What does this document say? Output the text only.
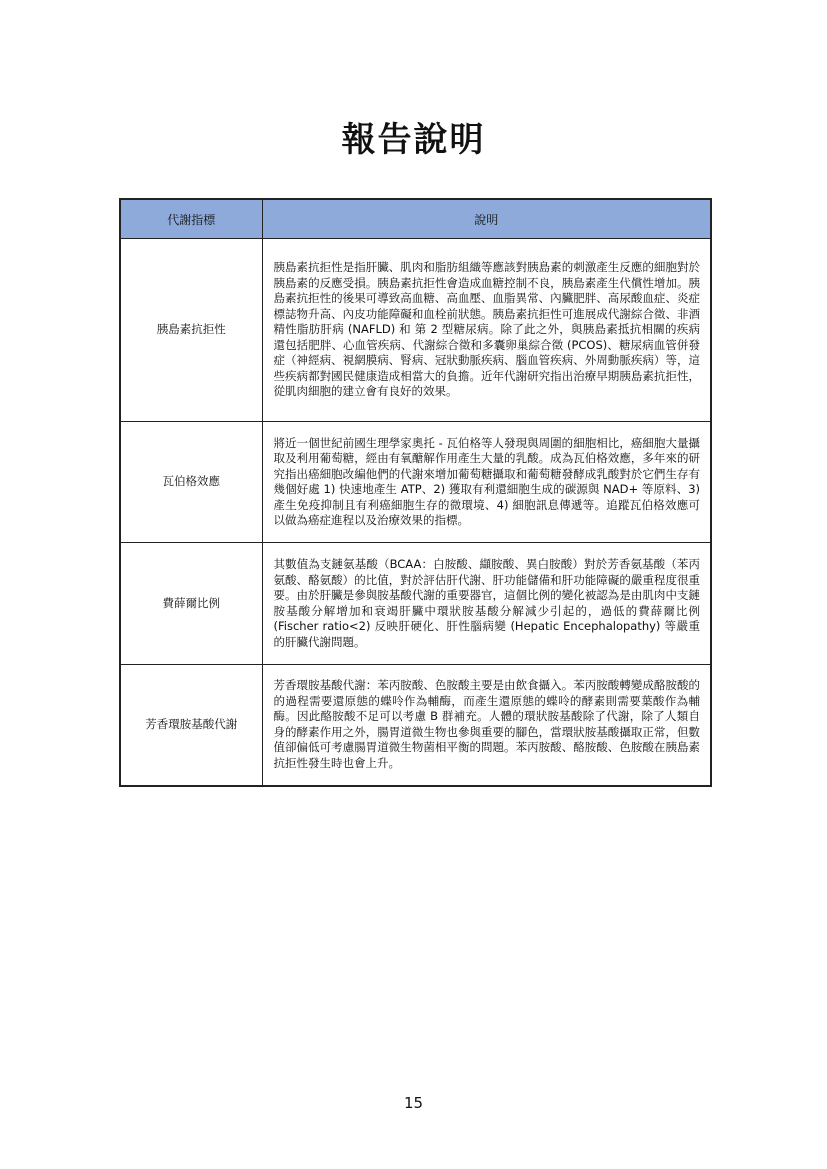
報告說明
代謝指標	說明
胰島素抗拒性	胰島素抗拒性是指肝臟、肌肉和脂肪組織等應該對胰島素的刺激產生反應的細胞對於胰島素的反應受損。胰島素抗拒性會造成血糖控制不良，胰島素產生代償性增加。胰島素抗拒性的後果可導致高血糖、高血壓、血脂異常、內臟肥胖、高尿酸血症、炎症標誌物升高、內皮功能障礙和血栓前狀態。胰島素抗拒性可進展成代謝綜合徵、非酒精性脂肪肝病 (NAFLD) 和 第 2 型糖尿病。除了此之外，與胰島素抵抗相關的疾病還包括肥胖、心血管疾病、代謝綜合徵和多囊卵巢綜合徵 (PCOS)、糖尿病血管併發症（神經病、視網膜病、腎病、冠狀動脈疾病、腦血管疾病、外周動脈疾病）等，這些疾病都對國民健康造成相當大的負擔。近年代謝研究指出治療早期胰島素抗拒性，從肌肉細胞的建立會有良好的效果。
瓦伯格效應	將近一個世紀前國生理學家奧托 - 瓦伯格等人發現與周圍的細胞相比，癌細胞大量攝取及利用葡萄糖，經由有氧醣解作用產生大量的乳酸。成為瓦伯格效應，多年來的研究指出癌細胞改編他們的代謝來增加葡萄糖攝取和葡萄糖發酵成乳酸對於它們生存有幾個好處 1) 快速地產生 ATP、2) 獲取有利還細胞生成的碳源與 NAD+ 等原料、3) 產生免疫抑制且有利癌細胞生存的微環境、4) 細胞訊息傳遞等。追蹤瓦伯格效應可以做為癌症進程以及治療效果的指標。
費薛爾比例	其數值為支鏈氨基酸（BCAA：白胺酸、纈胺酸、異白胺酸）對於芳香氨基酸（苯丙氨酸、酪氨酸）的比值，對於評估肝代謝、肝功能儲備和肝功能障礙的嚴重程度很重要。由於肝臟是參與胺基酸代謝的重要器官，這個比例的變化被認為是由肌肉中支鏈胺基酸分解增加和衰竭肝臟中環狀胺基酸分解減少引起的，過低的費薛爾比例 (Fischer ratio<2) 反映肝硬化、肝性腦病變 (Hepatic Encephalopathy) 等嚴重的肝臟代謝問題。
芳香環胺基酸代謝	芳香環胺基酸代謝：苯丙胺酸、色胺酸主要是由飲食攝入。苯丙胺酸轉變成酪胺酸的的過程需要還原態的蝶呤作為輔酶，而產生還原態的蝶呤的酵素則需要葉酸作為輔酶。因此酪胺酸不足可以考慮 B 群補充。人體的環狀胺基酸除了代謝，除了人類自身的酵素作用之外，腸胃道微生物也參與重要的腳色，當環狀胺基酸攝取正常，但數值卻偏低可考慮腸胃道微生物菌相平衡的問題。苯丙胺酸、酪胺酸、色胺酸在胰島素抗拒性發生時也會上升。
15
